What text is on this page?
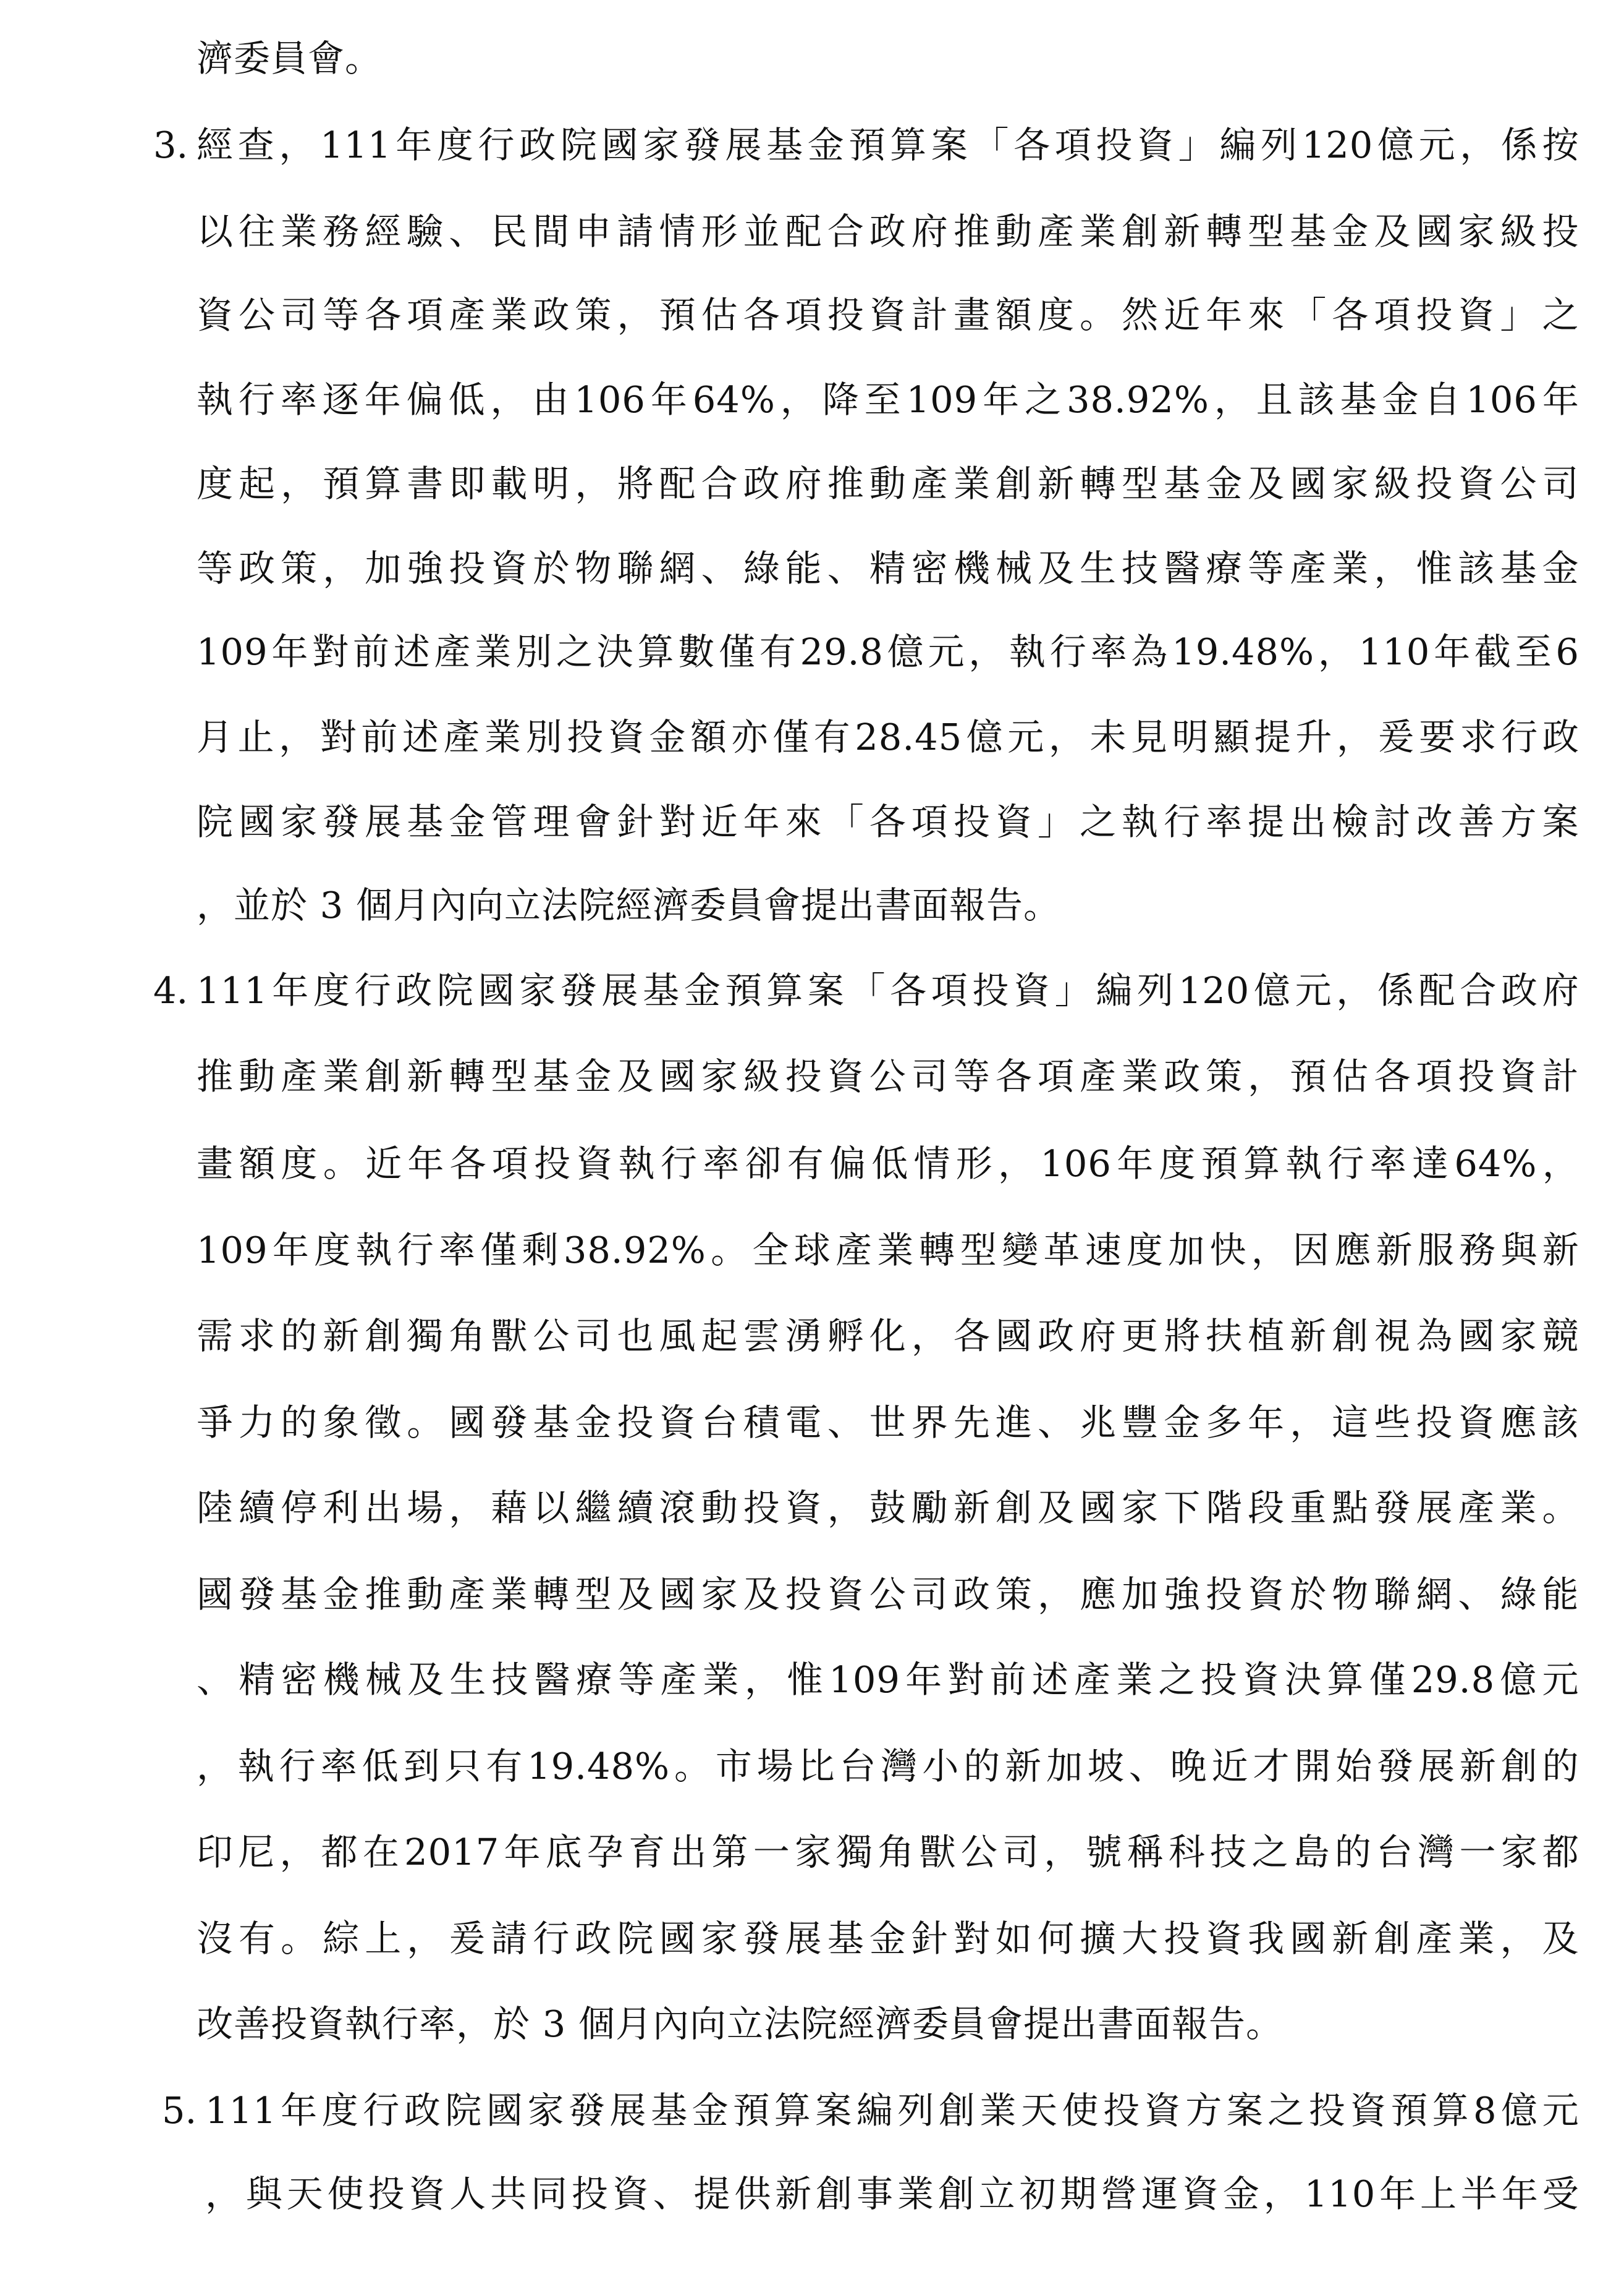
濟委員會。
3. 經 查 ， 111 年 度 行 政 院 國 家 發 展 基 金 預 算 案 「 各 項 投 資 」 編 列 120 億 元 ， 係 按
以 往 業 務 經 驗 、 民 間 申 請 情 形 並 配 合 政 府 推 動 產 業 創 新 轉 型 基 金 及 國 家 級 投
資 公 司 等 各 項 產 業 政 策 ， 預 估 各 項 投 資 計 畫 額 度 。 然 近 年 來 「 各 項 投 資 」 之
執 行 率 逐 年 偏 低 ， 由 106 年 64% ， 降 至 109 年 之 38.92% ， 且 該 基 金 自 106 年
度 起 ， 預 算 書 即 載 明 ， 將 配 合 政 府 推 動 產 業 創 新 轉 型 基 金 及 國 家 級 投 資 公 司
等 政 策 ， 加 強 投 資 於 物 聯 網 、 綠 能 、 精 密 機 械 及 生 技 醫 療 等 產 業 ， 惟 該 基 金
109 年 對 前 述 產 業 別 之 決 算 數 僅 有 29.8 億 元 ， 執 行 率 為 19.48% ， 110 年 截 至 6
月 止 ， 對 前 述 產 業 別 投 資 金 額 亦 僅 有 28.45 億 元 ， 未 見 明 顯 提 升 ， 爰 要 求 行 政
院 國 家 發 展 基 金 管 理 會 針 對 近 年 來 「 各 項 投 資 」 之 執 行 率 提 出 檢 討 改 善 方 案
，並於 3 個月內向立法院經濟委員會提出書面報告。
4. 111 年 度 行 政 院 國 家 發 展 基 金 預 算 案 「 各 項 投 資 」 編 列 120 億 元 ， 係 配 合 政 府
推 動 產 業 創 新 轉 型 基 金 及 國 家 級 投 資 公 司 等 各 項 產 業 政 策 ， 預 估 各 項 投 資 計
畫 額 度 。 近 年 各 項 投 資 執 行 率 卻 有 偏 低 情 形 ， 106 年 度 預 算 執 行 率 達 64% ，
109 年 度 執 行 率 僅 剩 38.92% 。 全 球 產 業 轉 型 變 革 速 度 加 快 ， 因 應 新 服 務 與 新
需 求 的 新 創 獨 角 獸 公 司 也 風 起 雲 湧 孵 化 ， 各 國 政 府 更 將 扶 植 新 創 視 為 國 家 競
爭 力 的 象 徵 。 國 發 基 金 投 資 台 積 電 、 世 界 先 進 、 兆 豐 金 多 年 ， 這 些 投 資 應 該
陸 續 停 利 出 場 ， 藉 以 繼 續 滾 動 投 資 ， 鼓 勵 新 創 及 國 家 下 階 段 重 點 發 展 產 業 。
國 發 基 金 推 動 產 業 轉 型 及 國 家 及 投 資 公 司 政 策 ， 應 加 強 投 資 於 物 聯 網 、 綠 能
、 精 密 機 械 及 生 技 醫 療 等 產 業 ， 惟 109 年 對 前 述 產 業 之 投 資 決 算 僅 29.8 億 元
， 執 行 率 低 到 只 有 19.48% 。 市 場 比 台 灣 小 的 新 加 坡 、 晚 近 才 開 始 發 展 新 創 的
印 尼 ， 都 在 2017 年 底 孕 育 出 第 一 家 獨 角 獸 公 司 ， 號 稱 科 技 之 島 的 台 灣 一 家 都
沒 有 。 綜 上 ， 爰 請 行 政 院 國 家 發 展 基 金 針 對 如 何 擴 大 投 資 我 國 新 創 產 業 ， 及
改善投資執行率，於 3 個月內向立法院經濟委員會提出書面報告。
5. 111 年 度 行 政 院 國 家 發 展 基 金 預 算 案 編 列 創 業 天 使 投 資 方 案 之 投 資 預 算 8 億 元
， 與 天 使 投 資 人 共 同 投 資 、 提 供 新 創 事 業 創 立 初 期 營 運 資 金 ， 110 年 上 半 年 受
